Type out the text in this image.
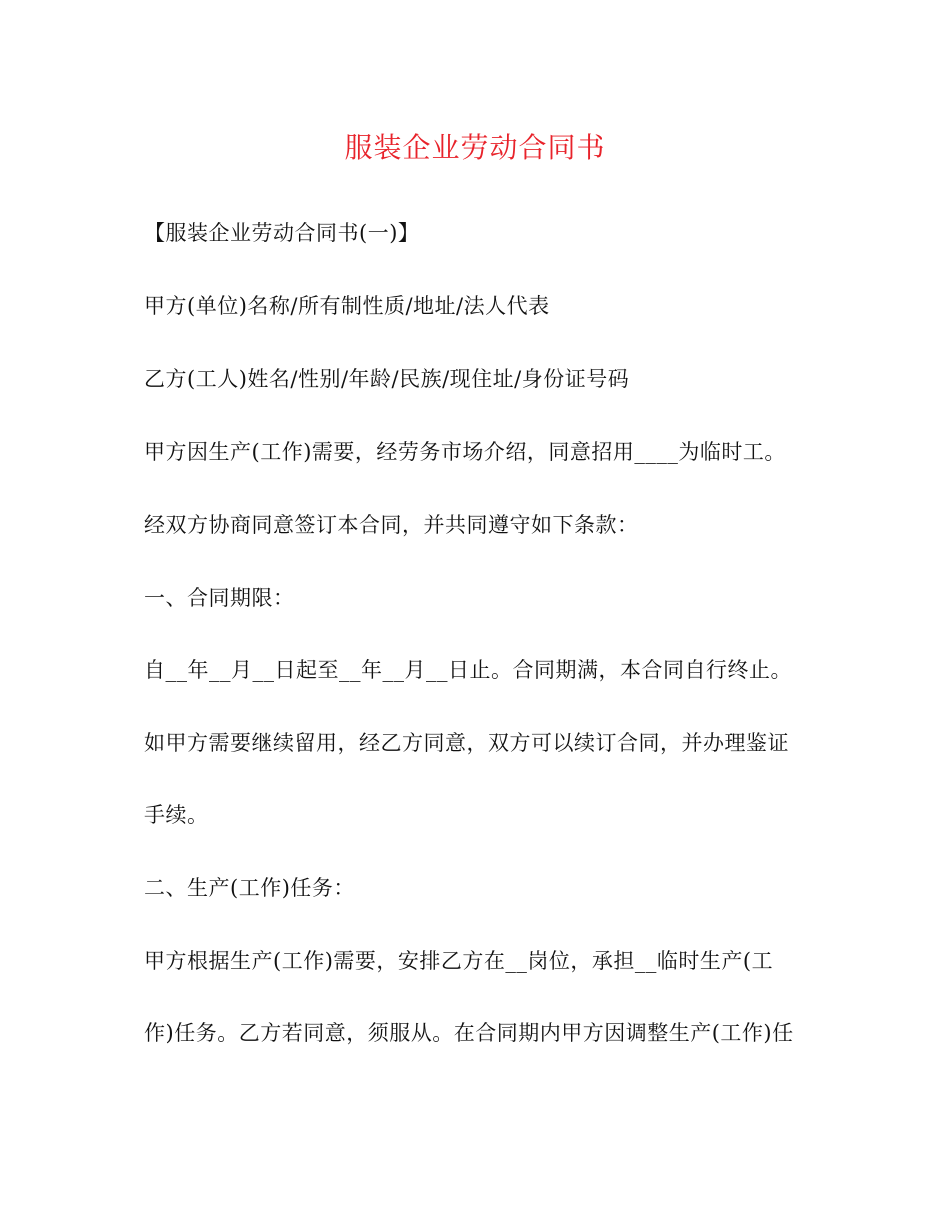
服装企业劳动合同书
【服装企业劳动合同书(一)】
甲方(单位)名称/所有制性质/地址/法人代表
乙方(工人)姓名/性别/年龄/民族/现住址/身份证号码
甲方因生产(工作)需要，经劳务市场介绍，同意招用____为临时工。
经双方协商同意签订本合同，并共同遵守如下条款：
一、合同期限：
自__年__月__日起至__年__月__日止。合同期满，本合同自行终止。
如甲方需要继续留用，经乙方同意，双方可以续订合同，并办理鉴证
手续。
二、生产(工作)任务：
甲方根据生产(工作)需要，安排乙方在__岗位，承担__临时生产(工
作)任务。乙方若同意，须服从。在合同期内甲方因调整生产(工作)任
